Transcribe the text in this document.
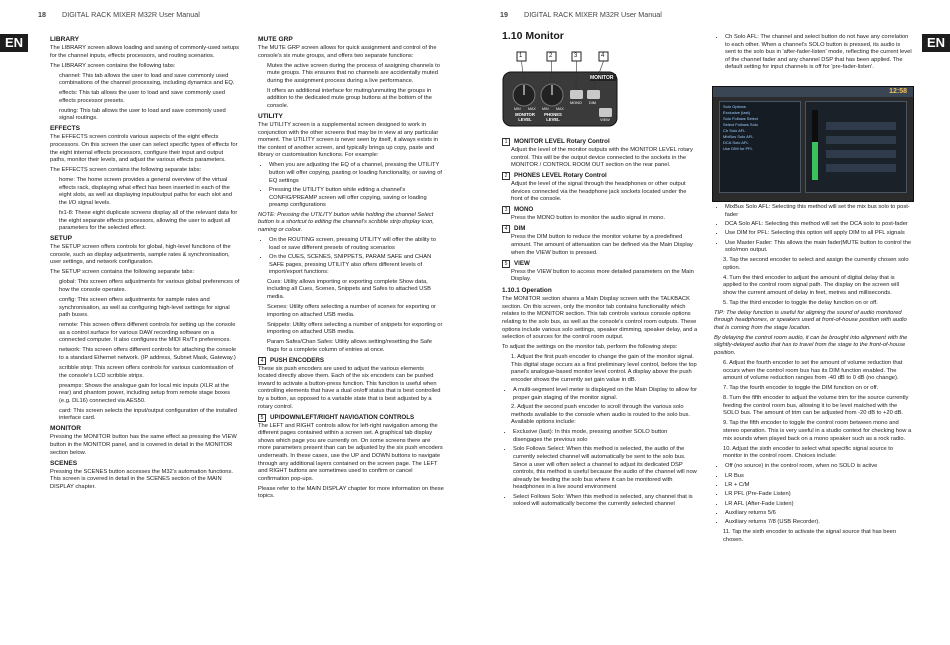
18 DIGITAL RACK MIXER M32R User Manual	19 DIGITAL RACK MIXER M32R User Manual
EN	EN
LIBRARY

The LIBRARY screen allows loading and saving of commonly-used setups for the channel inputs, effects processors, and routing scenarios.

The LIBRARY screen contains the following tabs:

channel: This tab allows the user to load and save commonly used combinations of the channel processing, including dynamics and EQ.

effects: This tab allows the user to load and save commonly used effects processor presets.

routing: This tab allows the user to load and save commonly used signal routings.

EFFECTS

The EFFECTS screen controls various aspects of the eight effects processors. On this screen the user can select specific types of effects for the eight internal effects processors, configure their input and output paths, monitor their levels, and adjust the various effects parameters.

The EFFECTS screen contains the following separate tabs:

home: The home screen provides a general overview of the virtual effects rack, displaying what effect has been inserted in each of the eight slots, as well as displaying input/output paths for each slot and the I/O signal levels.

fx1-8: These eight duplicate screens display all of the relevant data for the eight separate effects processors, allowing the user to adjust all parameters for the selected effect.

SETUP

The SETUP screen offers controls for global, high-level functions of the console, such as display adjustments, sample rates & synchronisation, user settings, and network configuration.

The SETUP screen contains the following separate tabs:

global: This screen offers adjustments for various global preferences of how the console operates.

config: This screen offers adjustments for sample rates and synchronisation, as well as configuring high-level settings for signal path buses.

remote: This screen offers different controls for setting up the console as a control surface for various DAW recording software on a connected computer. It also configures the MIDI Rx/Tx preferences.

network: This screen offers different controls for attaching the console to a standard Ethernet network. (IP address, Subnet Mask, Gateway.)

scribble strip: This screen offers controls for various customisation of the console's LCD scribble strips.

preamps: Shows the analogue gain for local mic inputs (XLR at the rear) and phantom power, including setup from remote stage boxes (e.g. DL16) connected via AES50.

card: This screen selects the input/output configuration of the installed interface card.

MONITOR

Pressing the MONITOR button has the same effect as pressing the VIEW button in the MONITOR panel, and is covered in detail in the MONITOR section below.

SCENES

Pressing the SCENES button accesses the M32's automation functions. This screen is covered in detail in the SCENES section of the MAIN DISPLAY chapter.

MUTE GRP

The MUTE GRP screen allows for quick assignment and control of the console's six mute groups, and offers two separate functions:

Mutes the active screen during the process of assigning channels to mute groups. This ensures that no channels are accidentally muted during the assignment process during a live performance.

It offers an additional interface for muting/unmuting the groups in addition to the dedicated mute group buttons at the bottom of the console.

UTILITY

The UTILITY screen is a supplemental screen designed to work in conjunction with the other screens that may be in view at any particular moment. The UTILITY screen is never seen by itself, it always exists in the context of another screen, and typically brings up copy, paste and library or customisation functions. For example:

• When you are adjusting the EQ of a channel, pressing the UTILITY button will offer copying, pasting or loading functionality, or saving of EQ settings
• Pressing the UTILITY button while editing a channel's CONFIG/PREAMP screen will offer copying, saving or loading preamp configurations

NOTE: Pressing the UTILITY button while holding the channel Select button is a shortcut to editing the channel's scribble strip display icon, naming or colour.

• On the ROUTING screen, pressing UTILITY will offer the ability to load or save different presets of routing scenarios
• On the CUES, SCENES, SNIPPETS, PARAM SAFE and CHAN SAFE pages, pressing UTILITY also offers different levels of import/export functions:

Cues: Utility allows importing or exporting complete Show data, including all Cues, Scenes, Snippets and Safes to attached USB media.

Scenes: Utility offers selecting a number of scenes for exporting or importing on attached USB media.

Snippets: Utility offers selecting a number of snippets for exporting or importing on attached USB media.

Param Safes/Chan Safes: Utility allows setting/resetting the Safe flags for a complete column of entries at once.

4	PUSH ENCODERS

These six push encoders are used to adjust the various elements located directly above them. Each of the six encoders can be pushed inward to activate a button-press function. This function is useful when controlling elements that have a dual on/off status that is best controlled by a button, as opposed to a variable state that is best adjusted by a rotary control.

5	UP/DOWN/LEFT/RIGHT NAVIGATION CONTROLS

The LEFT and RIGHT controls allow for left-right navigation among the different pages contained within a screen set. A graphical tab display shows which page you are currently on. On some screens there are more parameters present than can be adjusted by the six push encoders underneath. In these cases, use the UP and DOWN buttons to navigate through any additional layers contained on the screen page. The LEFT and RIGHT buttons are sometimes used to confirm or cancel confirmation pop-ups.

Please refer to the MAIN DISPLAY chapter for more information on these topics.

1.10 Monitor
1	2	3	4
MONITOR
MIN MAX MIN MAX
MONITOR LEVEL
PHONES LEVEL
MONO DIM
VIEW
1	MONITOR LEVEL Rotary Control

Adjust the level of the monitor outputs with the MONITOR LEVEL rotary control. This will be the output device connected to the sockets in the MONITOR / CONTROL ROOM OUT section on the rear panel.

2	PHONES LEVEL Rotary Control

Adjust the level of the signal through the headphones or other output devices connected via the headphone jack sockets located under the front of the console.

3	MONO

Press the MONO button to monitor the audio signal in mono.

4	DIM

Press the DIM button to reduce the monitor volume by a predefined amount. The amount of attenuation can be defined via the Main Display when the VIEW button is pressed.

5	VIEW

Press the VIEW button to access more detailed parameters on the Main Display.

1.10.1 Operation

The MONITOR section shares a Main Display screen with the TALKBACK section. On this screen, only the monitor tab contains functionality which relates to the MONITOR section. This tab controls various console options relating to the solo bus, as well as the console's control room outputs. These options include various solo settings, speaker dimming, speaker delay, and a selection of sources for the control room output.

To adjust the settings on the monitor tab, perform the following steps:

1. Adjust the first push encoder to change the gain of the monitor signal. This digital stage occurs as a first preliminary level control, before the top panel's analogue-based monitor level control. A display above the push encoder shows the currently set gain value in dB.

• A multi-segment level meter is displayed on the Main Display to allow for proper gain staging of the monitor signal.

2. Adjust the second push encoder to scroll through the various solo methods available to the console when audio is routed to the solo bus. Available options include:

• Exclusive (last): In this mode, pressing another SOLO button disengages the previous solo
• Solo Follows Select: When this method is selected, the audio of the currently selected channel will automatically be sent to the solo bus. Since a user will often select a channel to adjust its dedicated DSP controls, this method is useful because the audio of the channel will now already be feeding the solo bus where it can be monitored with headphones in a live sound environment
• Select Follows Solo: When this method is selected, any channel that is soloed will automatically become the currently selected channel
• Ch Solo AFL: The channel and select button do not have any correlation to each other. When a channel's SOLO button is pressed, its audio is sent to the solo bus in 'after-fader-listen' mode, reflecting the current level of the channel fader and any channel DSP that has been applied. The default setting for input channels is off for 'pre-fader-listen'.
12:58
Solo Options
Exclusive (last)
Solo Follows Select
Select Follows Solo
Ch Solo AFL
MixBus Solo AFL
DCA Solo AFL
Use DIM for PFL
• MixBus Solo AFL: Selecting this method will set the mix bus solo to post-fader
• DCA Solo AFL: Selecting this method will set the DCA solo to post-fader
• Use DIM for PFL: Selecting this option will apply DIM to all PFL signals
• Use Master Fader: This allows the main fader|MUTE button to control the solo/mon output.

3. Tap the second encoder to select and assign the currently chosen solo option.

4. Turn the third encoder to adjust the amount of digital delay that is applied to the control room signal path. The display on the screen will show the current amount of delay in feet, metres and milliseconds.

5. Tap the third encoder to toggle the delay function on or off.

TIP: The delay function is useful for aligning the sound of audio monitored through headphones, or speakers used at front-of-house position with audio that is coming from the stage location.

By delaying the control room audio, it can be brought into alignment with the slightly-delayed audio that has to travel from the stage to the front-of-house position.

6. Adjust the fourth encoder to set the amount of volume reduction that occurs when the control room bus has its DIM function enabled. The amount of volume reduction ranges from -40 dB to 0 dB (no change).

7. Tap the fourth encoder to toggle the DIM function on or off.

8. Turn the fifth encoder to adjust the volume trim for the source currently feeding the control room bus, allowing it to be level matched with the SOLO bus. The amount of trim can be adjusted from -20 dB to +20 dB.

9. Tap the fifth encoder to toggle the control room between mono and stereo operation. This is very useful in a studio context for checking how a mix sounds when played back on a mono speaker such as a rock radio.

10. Adjust the sixth encoder to select what specific signal source to monitor in the control room. Choices include:

• Off (no source) in the control room, when no SOLO is active
• LR Bus
• LR + C/M
• LR PFL (Pre-Fade Listen)
• LR AFL (After-Fade Listen)
• Auxiliary returns 5/6
• Auxiliary returns 7/8 (USB Recorder).

11. Tap the sixth encoder to activate the signal source that has been chosen.
